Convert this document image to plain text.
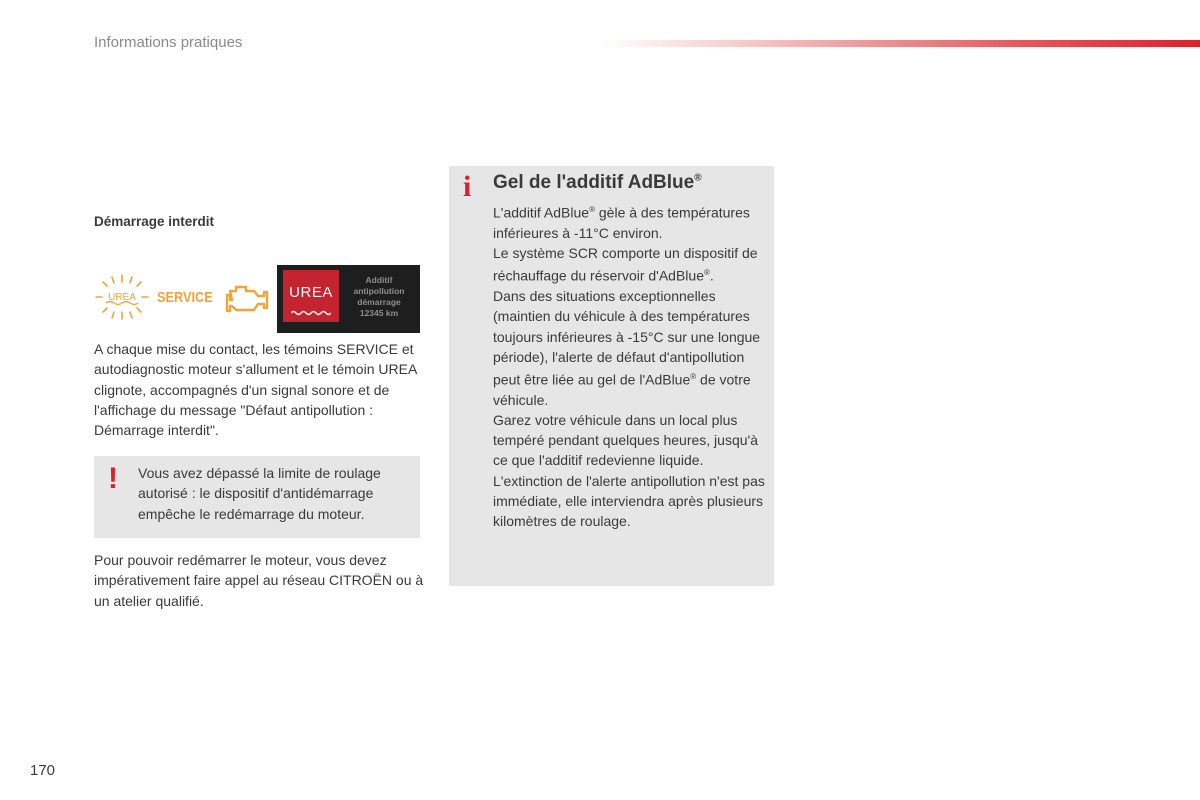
Informations pratiques
Démarrage interdit
UREA SERVICE	UREA
Additif
antipollution
démarrage
12345 km

A chaque mise du contact, les témoins SERVICE et autodiagnostic moteur s'allument et le témoin UREA clignote, accompagnés d'un signal sonore et de l'affichage du message "Défaut antipollution : Démarrage interdit".

! Vous avez dépassé la limite de roulage autorisé : le dispositif d'antidémarrage empêche le redémarrage du moteur.

Pour pouvoir redémarrer le moteur, vous devez impérativement faire appel au réseau CITROËN ou à un atelier qualifié.

i Gel de l'additif AdBlue®

L'additif AdBlue® gèle à des températures inférieures à -11°C environ.

Le système SCR comporte un dispositif de réchauffage du réservoir d'AdBlue®.

Dans des situations exceptionnelles (maintien du véhicule à des températures toujours inférieures à -15°C sur une longue période), l'alerte de défaut d'antipollution peut être liée au gel de l'AdBlue® de votre véhicule.

Garez votre véhicule dans un local plus tempéré pendant quelques heures, jusqu'à ce que l'additif redevienne liquide.

L'extinction de l'alerte antipollution n'est pas immédiate, elle interviendra après plusieurs kilomètres de roulage.

170
